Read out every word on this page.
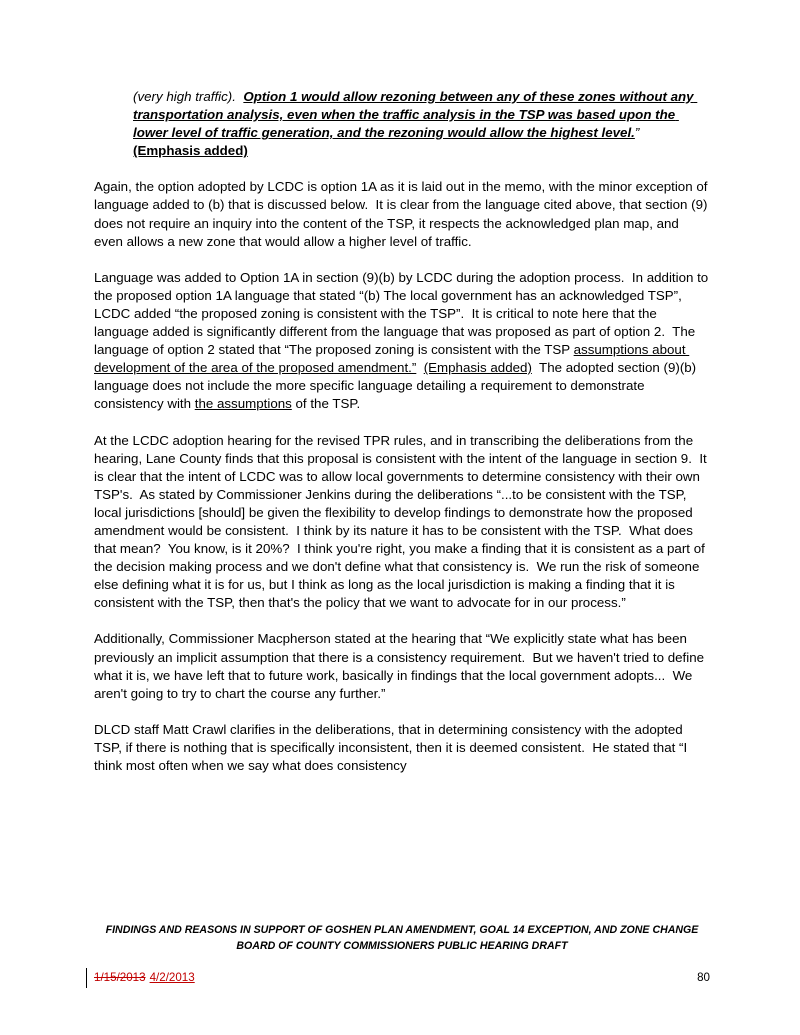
(very high traffic).  Option 1 would allow rezoning between any of these zones without any transportation analysis, even when the traffic analysis in the TSP was based upon the lower level of traffic generation, and the rezoning would allow the highest level.”  (Emphasis added)

Again, the option adopted by LCDC is option 1A as it is laid out in the memo, with the minor exception of language added to (b) that is discussed below.  It is clear from the language cited above, that section (9) does not require an inquiry into the content of the TSP, it respects the acknowledged plan map, and even allows a new zone that would allow a higher level of traffic.

Language was added to Option 1A in section (9)(b) by LCDC during the adoption process.  In addition to the proposed option 1A language that stated “(b) The local government has an acknowledged TSP”, LCDC added “the proposed zoning is consistent with the TSP”.  It is critical to note here that the language added is significantly different from the language that was proposed as part of option 2.  The language of option 2 stated that “The proposed zoning is consistent with the TSP assumptions about development of the area of the proposed amendment.” (Emphasis added)  The adopted section (9)(b) language does not include the more specific language detailing a requirement to demonstrate consistency with the assumptions of the TSP.

At the LCDC adoption hearing for the revised TPR rules, and in transcribing the deliberations from the hearing, Lane County finds that this proposal is consistent with the intent of the language in section 9.  It is clear that the intent of LCDC was to allow local governments to determine consistency with their own TSP's.  As stated by Commissioner Jenkins during the deliberations “...to be consistent with the TSP, local jurisdictions [should] be given the flexibility to develop findings to demonstrate how the proposed amendment would be consistent.  I think by its nature it has to be consistent with the TSP.  What does that mean?  You know, is it 20%?  I think you're right, you make a finding that it is consistent as a part of the decision making process and we don't define what that consistency is.  We run the risk of someone else defining what it is for us, but I think as long as the local jurisdiction is making a finding that it is consistent with the TSP, then that's the policy that we want to advocate for in our process.”

Additionally, Commissioner Macpherson stated at the hearing that “We explicitly state what has been previously an implicit assumption that there is a consistency requirement.  But we haven't tried to define what it is, we have left that to future work, basically in findings that the local government adopts...  We aren't going to try to chart the course any further.”

DLCD staff Matt Crawl clarifies in the deliberations, that in determining consistency with the adopted TSP, if there is nothing that is specifically inconsistent, then it is deemed consistent.  He stated that “I think most often when we say what does consistency

FINDINGS AND REASONS IN SUPPORT OF GOSHEN PLAN AMENDMENT, GOAL 14 EXCEPTION, AND ZONE CHANGE
BOARD OF COUNTY COMMISSIONERS PUBLIC HEARING DRAFT
1/15/2013 4/2/2013	80
